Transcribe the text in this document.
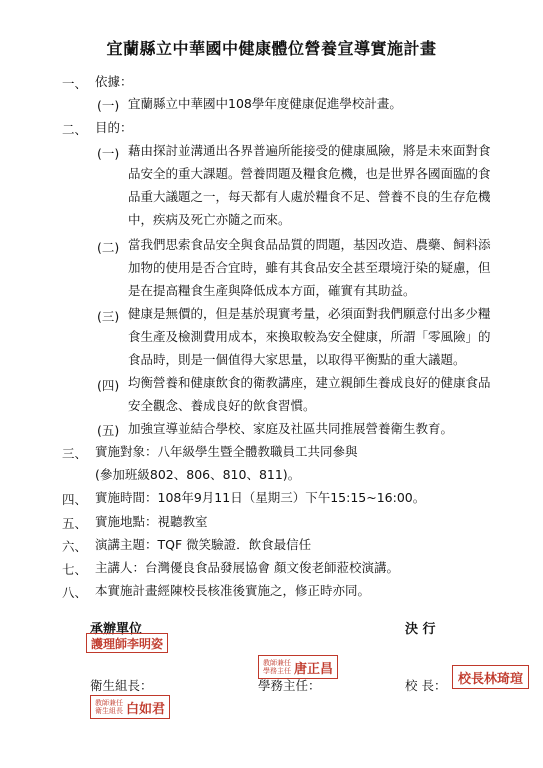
宜蘭縣立中華國中健康體位營養宣導實施計畫
一、 依據：
(一) 宜蘭縣立中華國中108學年度健康促進學校計畫。
二、 目的：
(一) 藉由探討並溝通出各界普遍所能接受的健康風險，將是未來面對食
品安全的重大課題。營養問題及糧食危機，也是世界各國面臨的食
品重大議題之一，每天都有人處於糧食不足、營養不良的生存危機
中，疾病及死亡亦隨之而來。
(二) 當我們思索食品安全與食品品質的問題，基因改造、農藥、飼料添
加物的使用是否合宜時，雖有其食品安全甚至環境汙染的疑慮，但
是在提高糧食生產與降低成本方面，確實有其助益。
(三) 健康是無價的，但是基於現實考量，必須面對我們願意付出多少糧
食生產及檢測費用成本，來換取較為安全健康，所謂「零風險」的
食品時，則是一個值得大家思量，以取得平衡點的重大議題。
(四) 均衡營養和健康飲食的衛教講座，建立親師生養成良好的健康食品
安全觀念、養成良好的飲食習慣。
(五) 加強宣導並結合學校、家庭及社區共同推展營養衛生教育。
三、 實施對象：八年級學生暨全體教職員工共同參與
(參加班級802、806、810、811)。
四、 實施時間：108年9月11日（星期三）下午15:15~16:00。
五、 實施地點：視聽教室
六、 演講主題：TQF 微笑驗證．飲食最信任
七、 主講人：台灣優良食品發展協會 顏文俊老師蒞校演講。
八、 本實施計畫經陳校長核准後實施之，修正時亦同。
承辦單位	決 行
護理師李明姿
衛生組長：
教師兼任
衛生組長 白如君
學務主任：
教師兼任
學務主任 唐正昌
校 長： 校長林琦瑄
